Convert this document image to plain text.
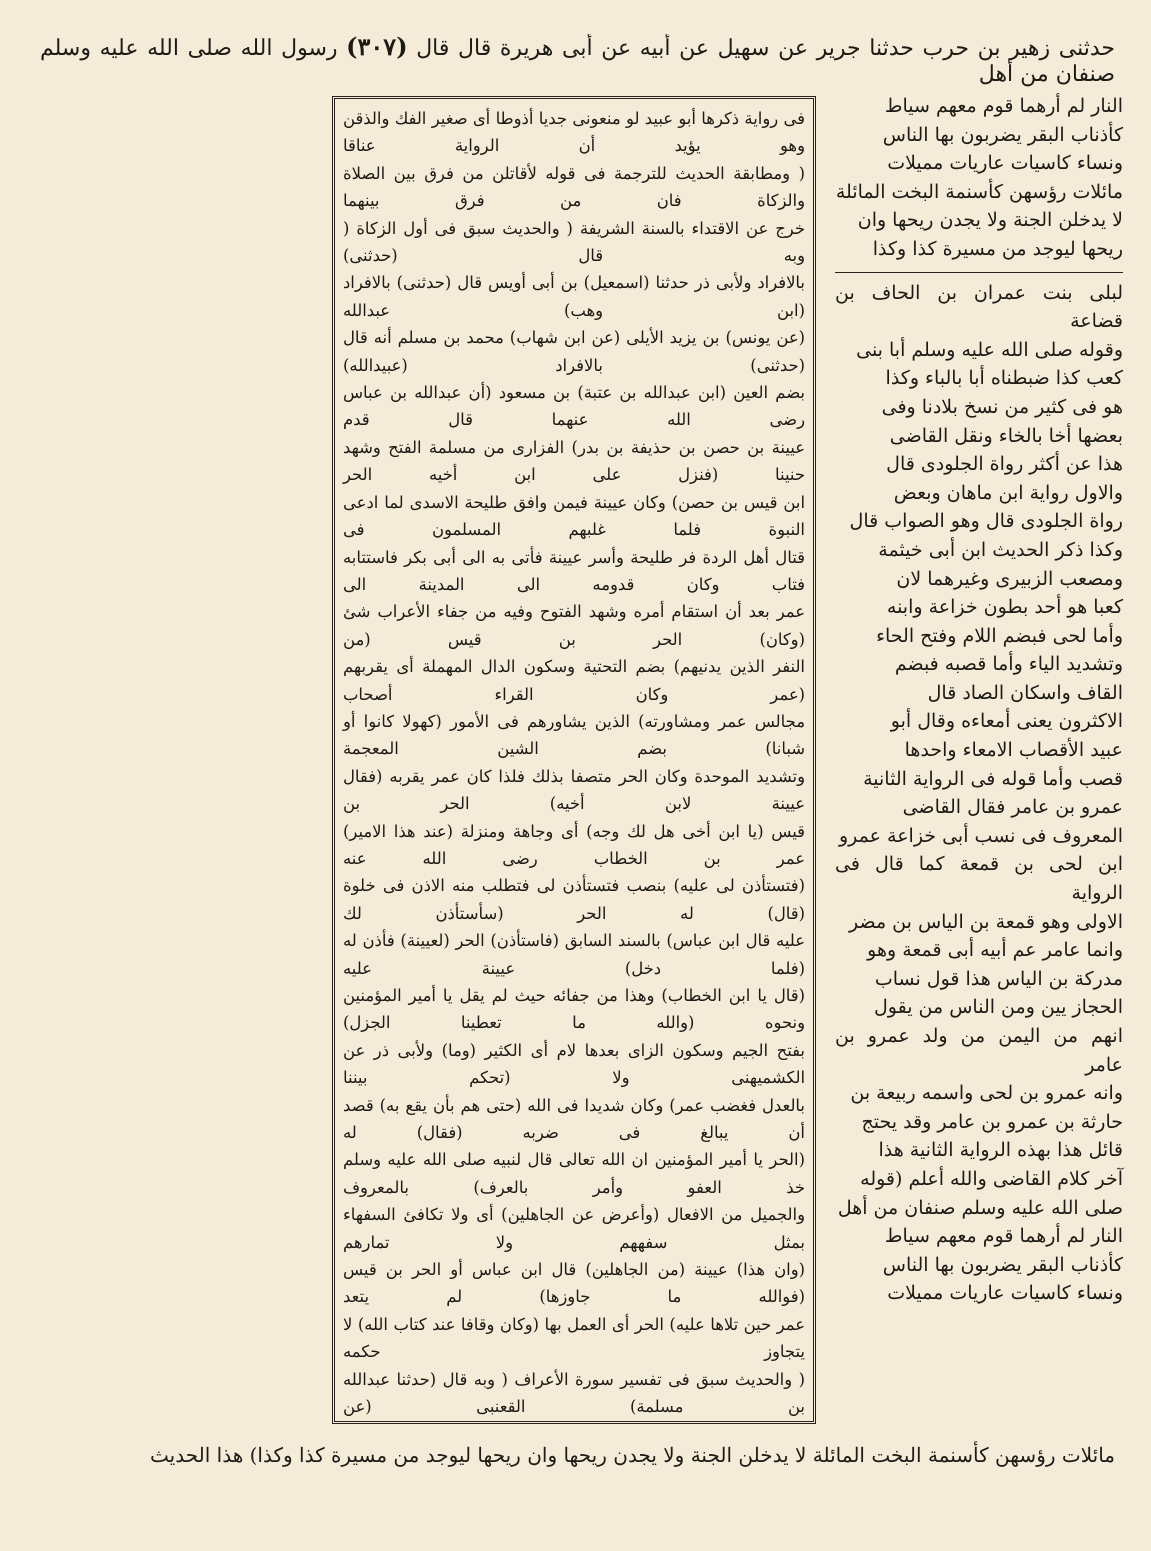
حدثنى زهير بن حرب حدثنا جرير عن سهيل عن أبيه عن أبى هريرة قال قال (٣٠٧) رسول الله صلى الله عليه وسلم صنفان من أهل

النار لم أرهما قوم معهم سياط
كأذناب البقر يضربون بها الناس
ونساء كاسيات عاريات مميلات
مائلات رؤسهن كأسنمة البخت المائلة
لا يدخلن الجنة ولا يجدن ريحها وان
ريحها ليوجد من مسيرة كذا وكذا

لبلى بنت عمران بن الحاف بن قضاعة
وقوله صلى الله عليه وسلم أبا بنى
كعب كذا ضبطناه أبا بالباء وكذا
هو فى كثير من نسخ بلادنا وفى
بعضها أخا بالخاء ونقل القاضى
هذا عن أكثر رواة الجلودى قال
والاول رواية ابن ماهان وبعض
رواة الجلودى قال وهو الصواب قال
وكذا ذكر الحديث ابن أبى خيثمة
ومصعب الزبيرى وغيرهما لان
كعبا هو أحد بطون خزاعة وابنه
وأما لحى فبضم اللام وفتح الحاء
وتشديد الياء وأما قصبه فبضم
القاف واسكان الصاد قال
الاكثرون يعنى أمعاءه وقال أبو
عبيد الأقصاب الامعاء واحدها
قصب وأما قوله فى الرواية الثانية
عمرو بن عامر فقال القاضى
المعروف فى نسب أبى خزاعة عمرو
ابن لحى بن قمعة كما قال فى الرواية
الاولى وهو قمعة بن الياس بن مضر
وانما عامر عم أبيه أبى قمعة وهو
مدركة بن الياس هذا قول نساب
الحجاز يين ومن الناس من يقول
انهم من اليمن من ولد عمرو بن عامر
وانه عمرو بن لحى واسمه ربيعة بن
حارثة بن عمرو بن عامر وقد يحتج
قائل هذا بهذه الرواية الثانية هذا
آخر كلام القاضى والله أعلم (قوله
صلى الله عليه وسلم صنفان من أهل
النار لم أرهما قوم معهم سياط
كأذناب البقر يضربون بها الناس
ونساء كاسيات عاريات مميلات

فى رواية ذكرها أبو عبيد لو منعونى جديا أذوطا أى صغير الفك والذقن وهو يؤيد أن الرواية عناقا
( ومطابقة الحديث للترجمة فى قوله لأقاتلن من فرق بين الصلاة والزكاة فان من فرق بينهما
خرج عن الاقتداء بالسنة الشريفة ( والحديث سبق فى أول الزكاة ( وبه قال (حدثنى)
بالافراد ولأبى ذر حدثنا (اسمعيل) بن أبى أويس قال (حدثنى) بالافراد (ابن وهب) عبدالله
(عن يونس) بن يزيد الأيلى (عن ابن شهاب) محمد بن مسلم أنه قال (حدثنى) بالافراد (عبيدالله)
بضم العين (ابن عبدالله بن عتبة) بن مسعود (أن عبدالله بن عباس رضى الله عنهما قال قدم
عيينة بن حصن بن حذيفة بن بدر) الفزارى من مسلمة الفتح وشهد حنينا (فنزل على ابن أخيه الحر
ابن قيس بن حصن) وكان عيينة فيمن وافق طليحة الاسدى لما ادعى النبوة فلما غلبهم المسلمون فى
قتال أهل الردة فر طليحة وأسر عيينة فأتى به الى أبى بكر فاستتابه فتاب وكان قدومه الى المدينة الى
عمر بعد أن استقام أمره وشهد الفتوح وفيه من جفاء الأعراب شئ (وكان) الحر بن قيس (من
النفر الذين يدنيهم) بضم التحتية وسكون الدال المهملة أى يقربهم (عمر وكان القراء أصحاب
مجالس عمر ومشاورته) الذين يشاورهم فى الأمور (كهولا كانوا أو شبانا) بضم الشين المعجمة
وتشديد الموحدة وكان الحر متصفا بذلك فلذا كان عمر يقربه (فقال عيينة لابن أخيه) الحر بن
قيس (يا ابن أخى هل لك وجه) أى وجاهة ومنزلة (عند هذا الامير) عمر بن الخطاب رضى الله عنه
(فتستأذن لى عليه) بنصب فتستأذن لى فتطلب منه الاذن فى خلوة (قال) له الحر (سأستأذن لك
عليه قال ابن عباس) بالسند السابق (فاستأذن) الحر (لعيينة) فأذن له (فلما دخل) عيينة عليه
(قال يا ابن الخطاب) وهذا من جفائه حيث لم يقل يا أمير المؤمنين ونحوه (والله ما تعطينا الجزل)
بفتح الجيم وسكون الزاى بعدها لام أى الكثير (وما) ولأبى ذر عن الكشميهنى ولا (تحكم بيننا
بالعدل فغضب عمر) وكان شديدا فى الله (حتى هم بأن يقع به) قصد أن يبالغ فى ضربه (فقال) له
(الحر يا أمير المؤمنين ان الله تعالى قال لنبيه صلى الله عليه وسلم خذ العفو وأمر بالعرف) بالمعروف
والجميل من الافعال (وأعرض عن الجاهلين) أى ولا تكافئ السفهاء بمثل سفههم ولا تمارهم
(وان هذا) عيينة (من الجاهلين) قال ابن عباس أو الحر بن قيس (فوالله ما جاوزها) لم يتعد
عمر حين تلاها عليه) الحر أى العمل بها (وكان وقافا عند كتاب الله) لا يتجاوز حكمه
( والحديث سبق فى تفسير سورة الأعراف ( وبه قال (حدثنا عبدالله بن مسلمة) القعنبى (عن

مائلات رؤسهن كأسنمة البخت المائلة لا يدخلن الجنة ولا يجدن ريحها وان ريحها ليوجد من مسيرة كذا وكذا) هذا الحديث
